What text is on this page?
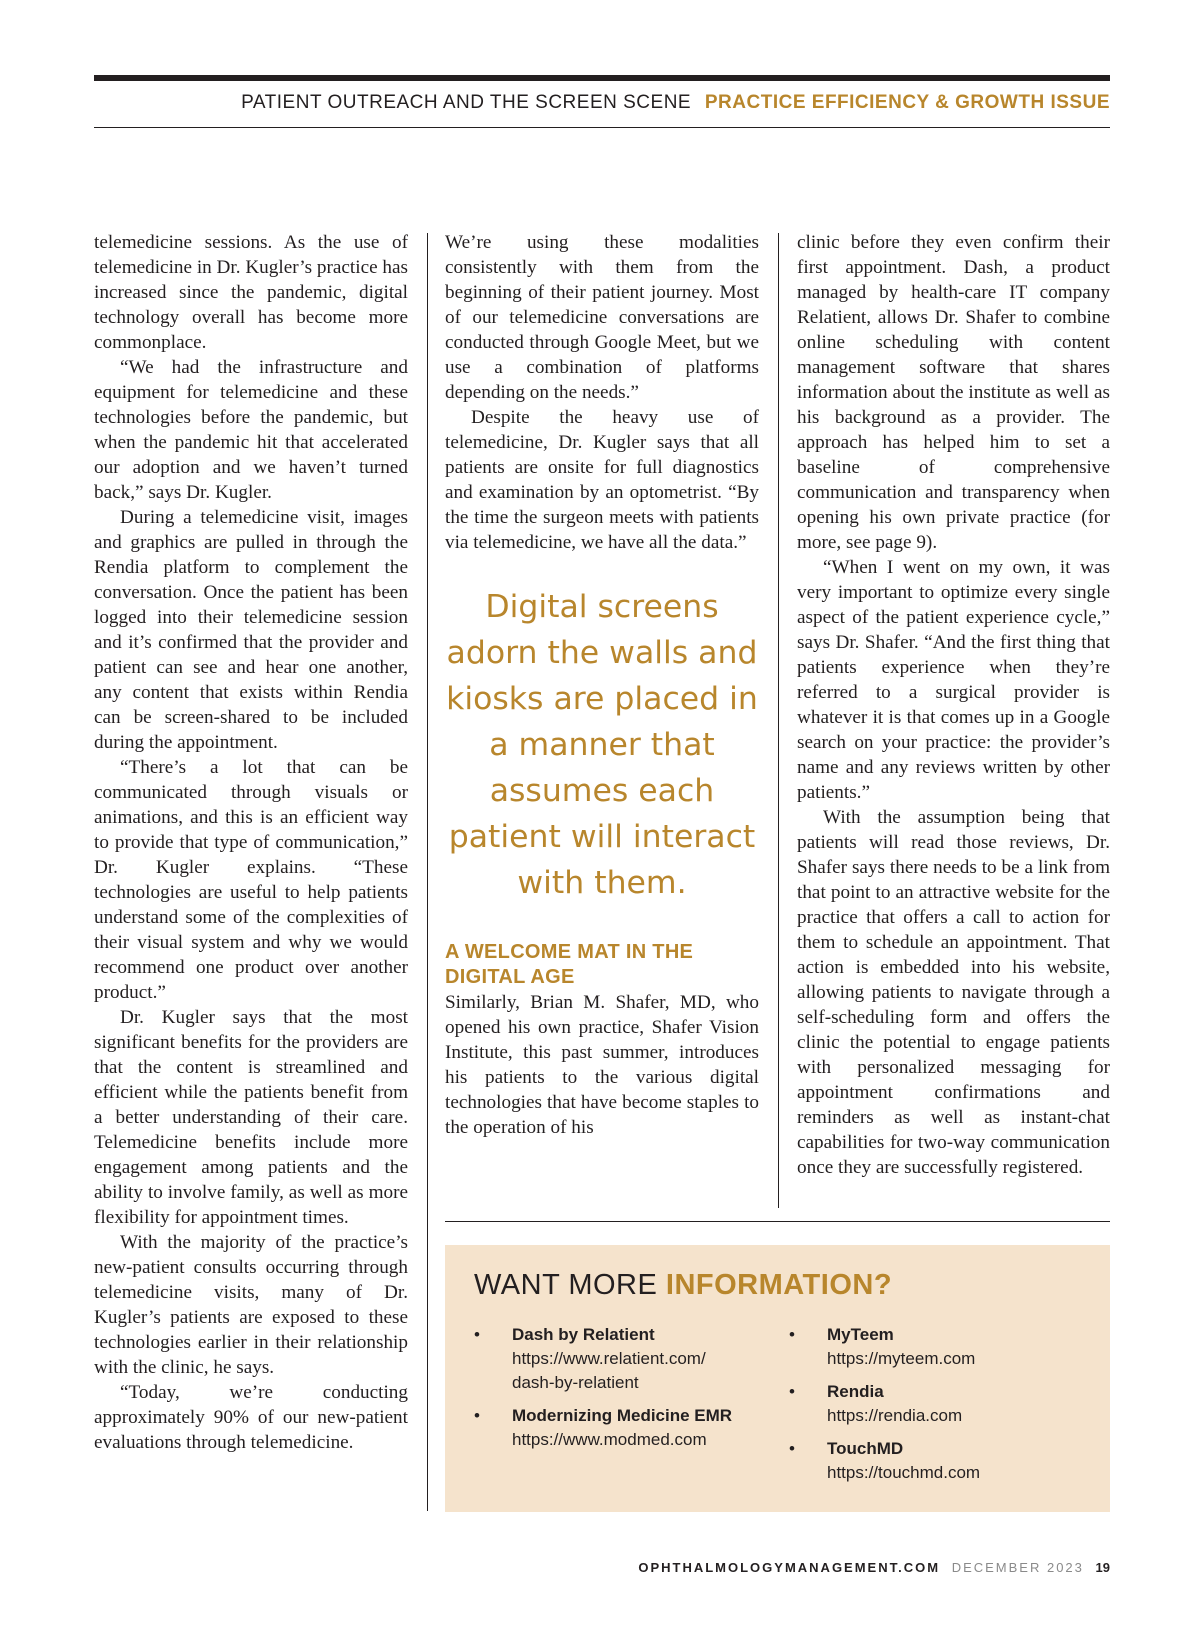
PATIENT OUTREACH AND THE SCREEN SCENE PRACTICE EFFICIENCY & GROWTH ISSUE

telemedicine sessions. As the use of telemedicine in Dr. Kugler’s practice has increased since the pandemic, digital technology overall has become more commonplace.

“We had the infrastructure and equipment for telemedicine and these technologies before the pandemic, but when the pandemic hit that accelerated our adoption and we haven’t turned back,” says Dr. Kugler.

During a telemedicine visit, images and graphics are pulled in through the Rendia platform to complement the conversation. Once the patient has been logged into their telemedicine session and it’s confirmed that the provider and patient can see and hear one another, any content that exists within Rendia can be screen-shared to be included during the appointment.

“There’s a lot that can be communicated through visuals or animations, and this is an efficient way to provide that type of communication,” Dr. Kugler explains. “These technologies are useful to help patients understand some of the complexities of their visual system and why we would recommend one product over another product.”

Dr. Kugler says that the most significant benefits for the providers are that the content is streamlined and efficient while the patients benefit from a better understanding of their care. Telemedicine benefits include more engagement among patients and the ability to involve family, as well as more flexibility for appointment times.

With the majority of the practice’s new-patient consults occurring through telemedicine visits, many of Dr. Kugler’s patients are exposed to these technologies earlier in their relationship with the clinic, he says.

“Today, we’re conducting approximately 90% of our new-patient evaluations through telemedicine.

We’re using these modalities consistently with them from the beginning of their patient journey. Most of our telemedicine conversations are conducted through Google Meet, but we use a combination of platforms depending on the needs.”

Despite the heavy use of telemedicine, Dr. Kugler says that all patients are onsite for full diagnostics and examination by an optometrist. “By the time the surgeon meets with patients via telemedicine, we have all the data.”

Digital screens adorn the walls and kiosks are placed in a manner that assumes each patient will interact with them.
A WELCOME MAT IN THE DIGITAL AGE

Similarly, Brian M. Shafer, MD, who opened his own practice, Shafer Vision Institute, this past summer, introduces his patients to the various digital technologies that have become staples to the operation of his

clinic before they even confirm their first appointment. Dash, a product managed by health-care IT company Relatient, allows Dr. Shafer to combine online scheduling with content management software that shares information about the institute as well as his background as a provider. The approach has helped him to set a baseline of comprehensive communication and transparency when opening his own private practice (for more, see page 9).

“When I went on my own, it was very important to optimize every single aspect of the patient experience cycle,” says Dr. Shafer. “And the first thing that patients experience when they’re referred to a surgical provider is whatever it is that comes up in a Google search on your practice: the provider’s name and any reviews written by other patients.”

With the assumption being that patients will read those reviews, Dr. Shafer says there needs to be a link from that point to an attractive website for the practice that offers a call to action for them to schedule an appointment. That action is embedded into his website, allowing patients to navigate through a self-scheduling form and offers the clinic the potential to engage patients with personalized messaging for appointment confirmations and reminders as well as instant-chat capabilities for two-way communication once they are successfully registered.

WANT MORE INFORMATION?
• Dash by Relatient
https://www.relatient.com/
dash-by-relatient
• Modernizing Medicine EMR
https://www.modmed.com
• MyTeem
https://myteem.com
• Rendia
https://rendia.com
• TouchMD
https://touchmd.com
OPHTHALMOLOGYMANAGEMENT.COM DECEMBER 2023 19
